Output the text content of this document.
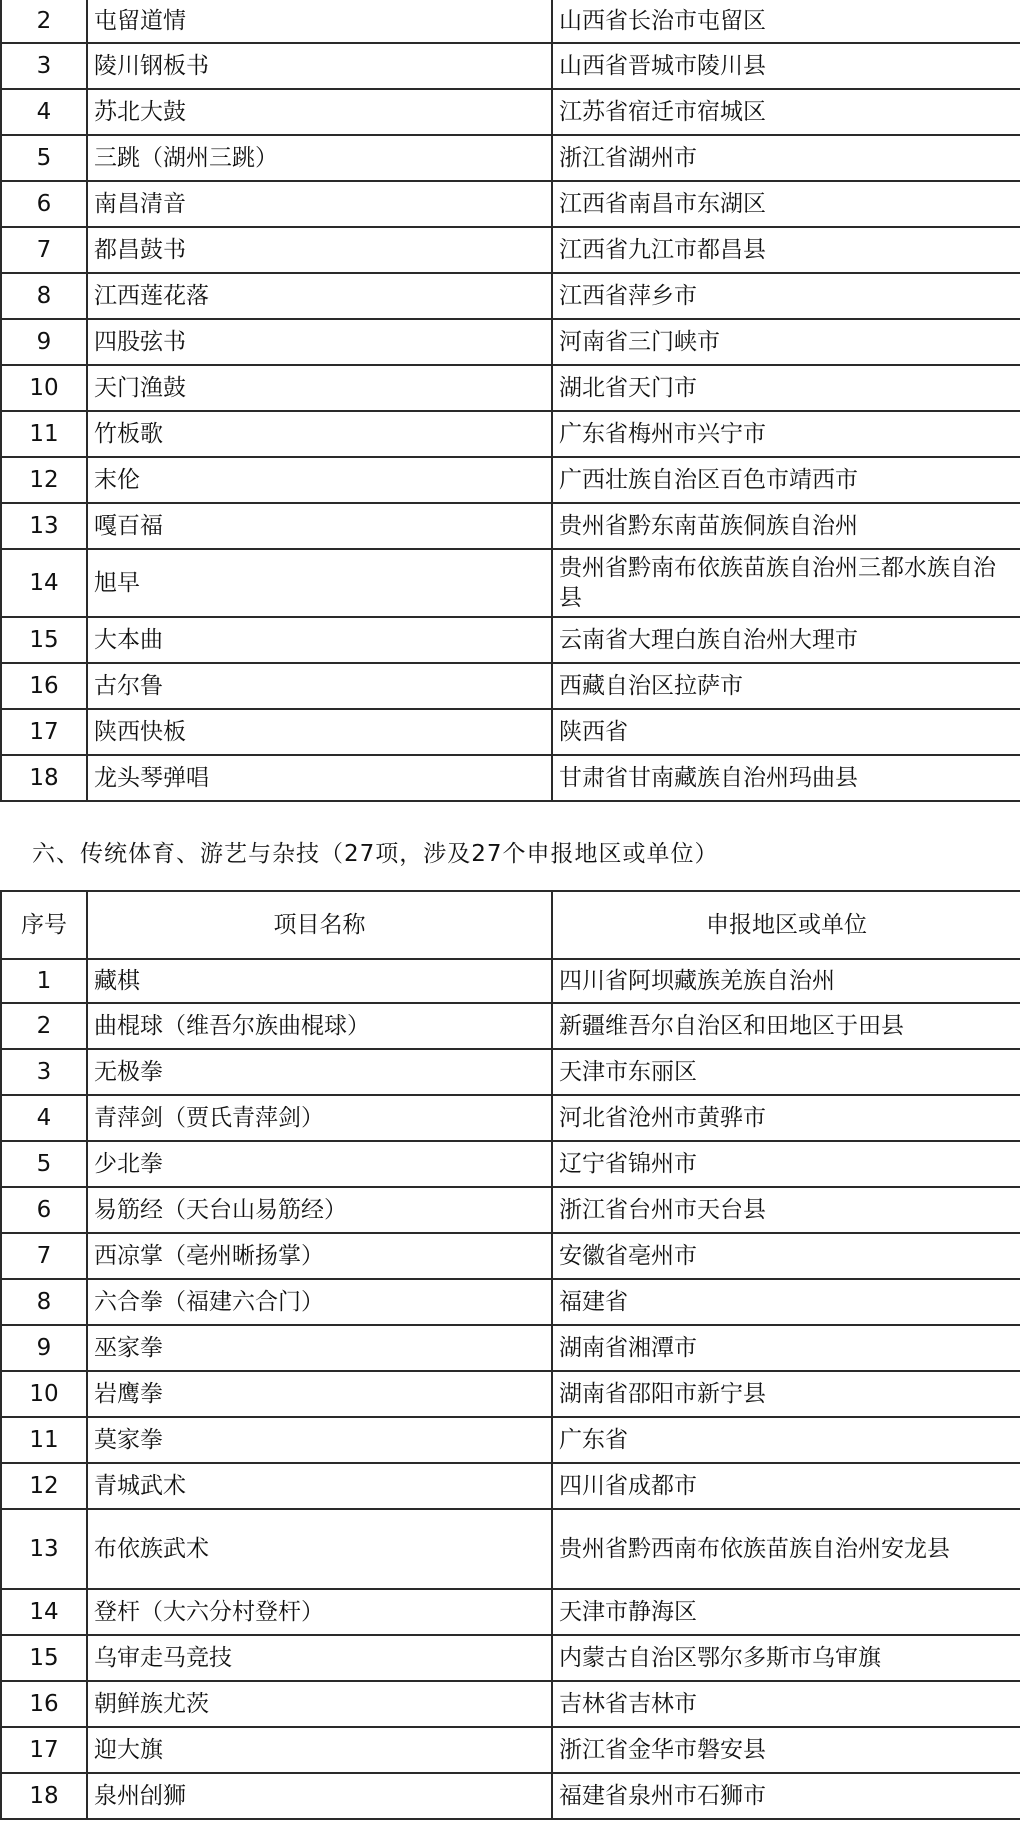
2	屯留道情	山西省长治市屯留区
3	陵川钢板书	山西省晋城市陵川县
4	苏北大鼓	江苏省宿迁市宿城区
5	三跳（湖州三跳）	浙江省湖州市
6	南昌清音	江西省南昌市东湖区
7	都昌鼓书	江西省九江市都昌县
8	江西莲花落	江西省萍乡市
9	四股弦书	河南省三门峡市
10	天门渔鼓	湖北省天门市
11	竹板歌	广东省梅州市兴宁市
12	末伦	广西壮族自治区百色市靖西市
13	嘎百福	贵州省黔东南苗族侗族自治州
14	旭早	贵州省黔南布依族苗族自治州三都水族自治县
15	大本曲	云南省大理白族自治州大理市
16	古尔鲁	西藏自治区拉萨市
17	陕西快板	陕西省
18	龙头琴弹唱	甘肃省甘南藏族自治州玛曲县
六、传统体育、游艺与杂技（27项，涉及27个申报地区或单位）
序号	项目名称	申报地区或单位
1	藏棋	四川省阿坝藏族羌族自治州
2	曲棍球（维吾尔族曲棍球）	新疆维吾尔自治区和田地区于田县
3	无极拳	天津市东丽区
4	青萍剑（贾氏青萍剑）	河北省沧州市黄骅市
5	少北拳	辽宁省锦州市
6	易筋经（天台山易筋经）	浙江省台州市天台县
7	西凉掌（亳州晰扬掌）	安徽省亳州市
8	六合拳（福建六合门）	福建省
9	巫家拳	湖南省湘潭市
10	岩鹰拳	湖南省邵阳市新宁县
11	莫家拳	广东省
12	青城武术	四川省成都市
13	布依族武术	贵州省黔西南布依族苗族自治州安龙县
14	登杆（大六分村登杆）	天津市静海区
15	乌审走马竞技	内蒙古自治区鄂尔多斯市乌审旗
16	朝鲜族尤茨	吉林省吉林市
17	迎大旗	浙江省金华市磐安县
18	泉州刣狮	福建省泉州市石狮市
